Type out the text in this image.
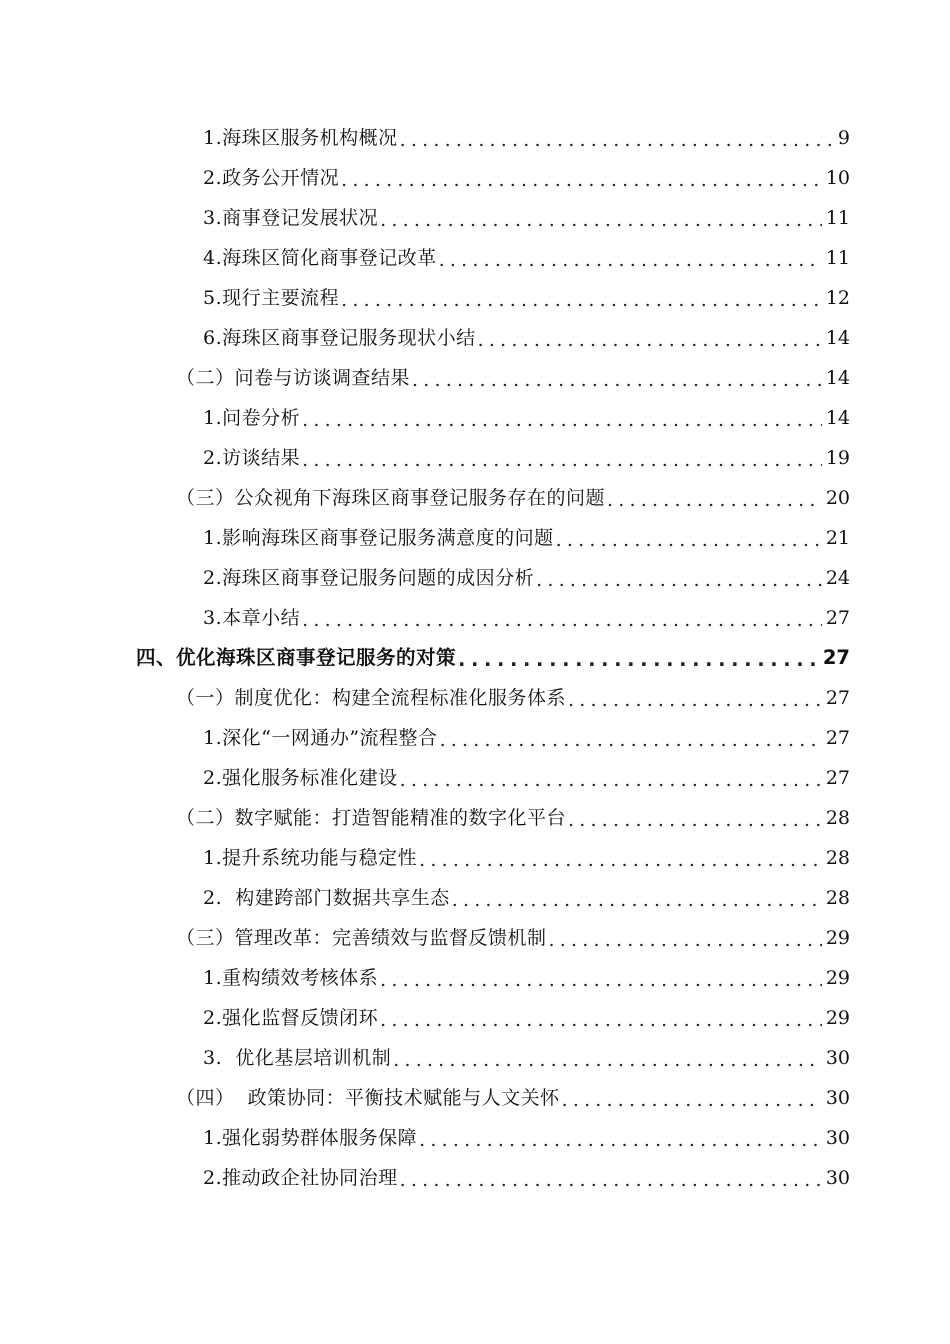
1.海珠区服务机构概况 .....	9
2.政务公开情况 .....	10
3.商事登记发展状况 .....	11
4.海珠区简化商事登记改革 .....	11
5.现行主要流程 .....	12
6.海珠区商事登记服务现状小结 .....	14
（二）问卷与访谈调查结果 .....	14
1.问卷分析 .....	14
2.访谈结果 .....	19
（三）公众视角下海珠区商事登记服务存在的问题 .....	20
1.影响海珠区商事登记服务满意度的问题 .....	21
2.海珠区商事登记服务问题的成因分析 .....	24
3.本章小结 .....	27
四、优化海珠区商事登记服务的对策 .....	27
（一）制度优化：构建全流程标准化服务体系 .....	27
1.深化“一网通办”流程整合 .....	27
2.强化服务标准化建设 .....	27
（二）数字赋能：打造智能精准的数字化平台 .....	28
1.提升系统功能与稳定性 .....	28
2.  构建跨部门数据共享生态 .....	28
（三）管理改革：完善绩效与监督反馈机制 .....	29
1.重构绩效考核体系 .....	29
2.强化监督反馈闭环 .....	29
3.  优化基层培训机制 .....	30
（四）  政策协同：平衡技术赋能与人文关怀 .....	30
1.强化弱势群体服务保障 .....	30
2.推动政企社协同治理 .....	30
